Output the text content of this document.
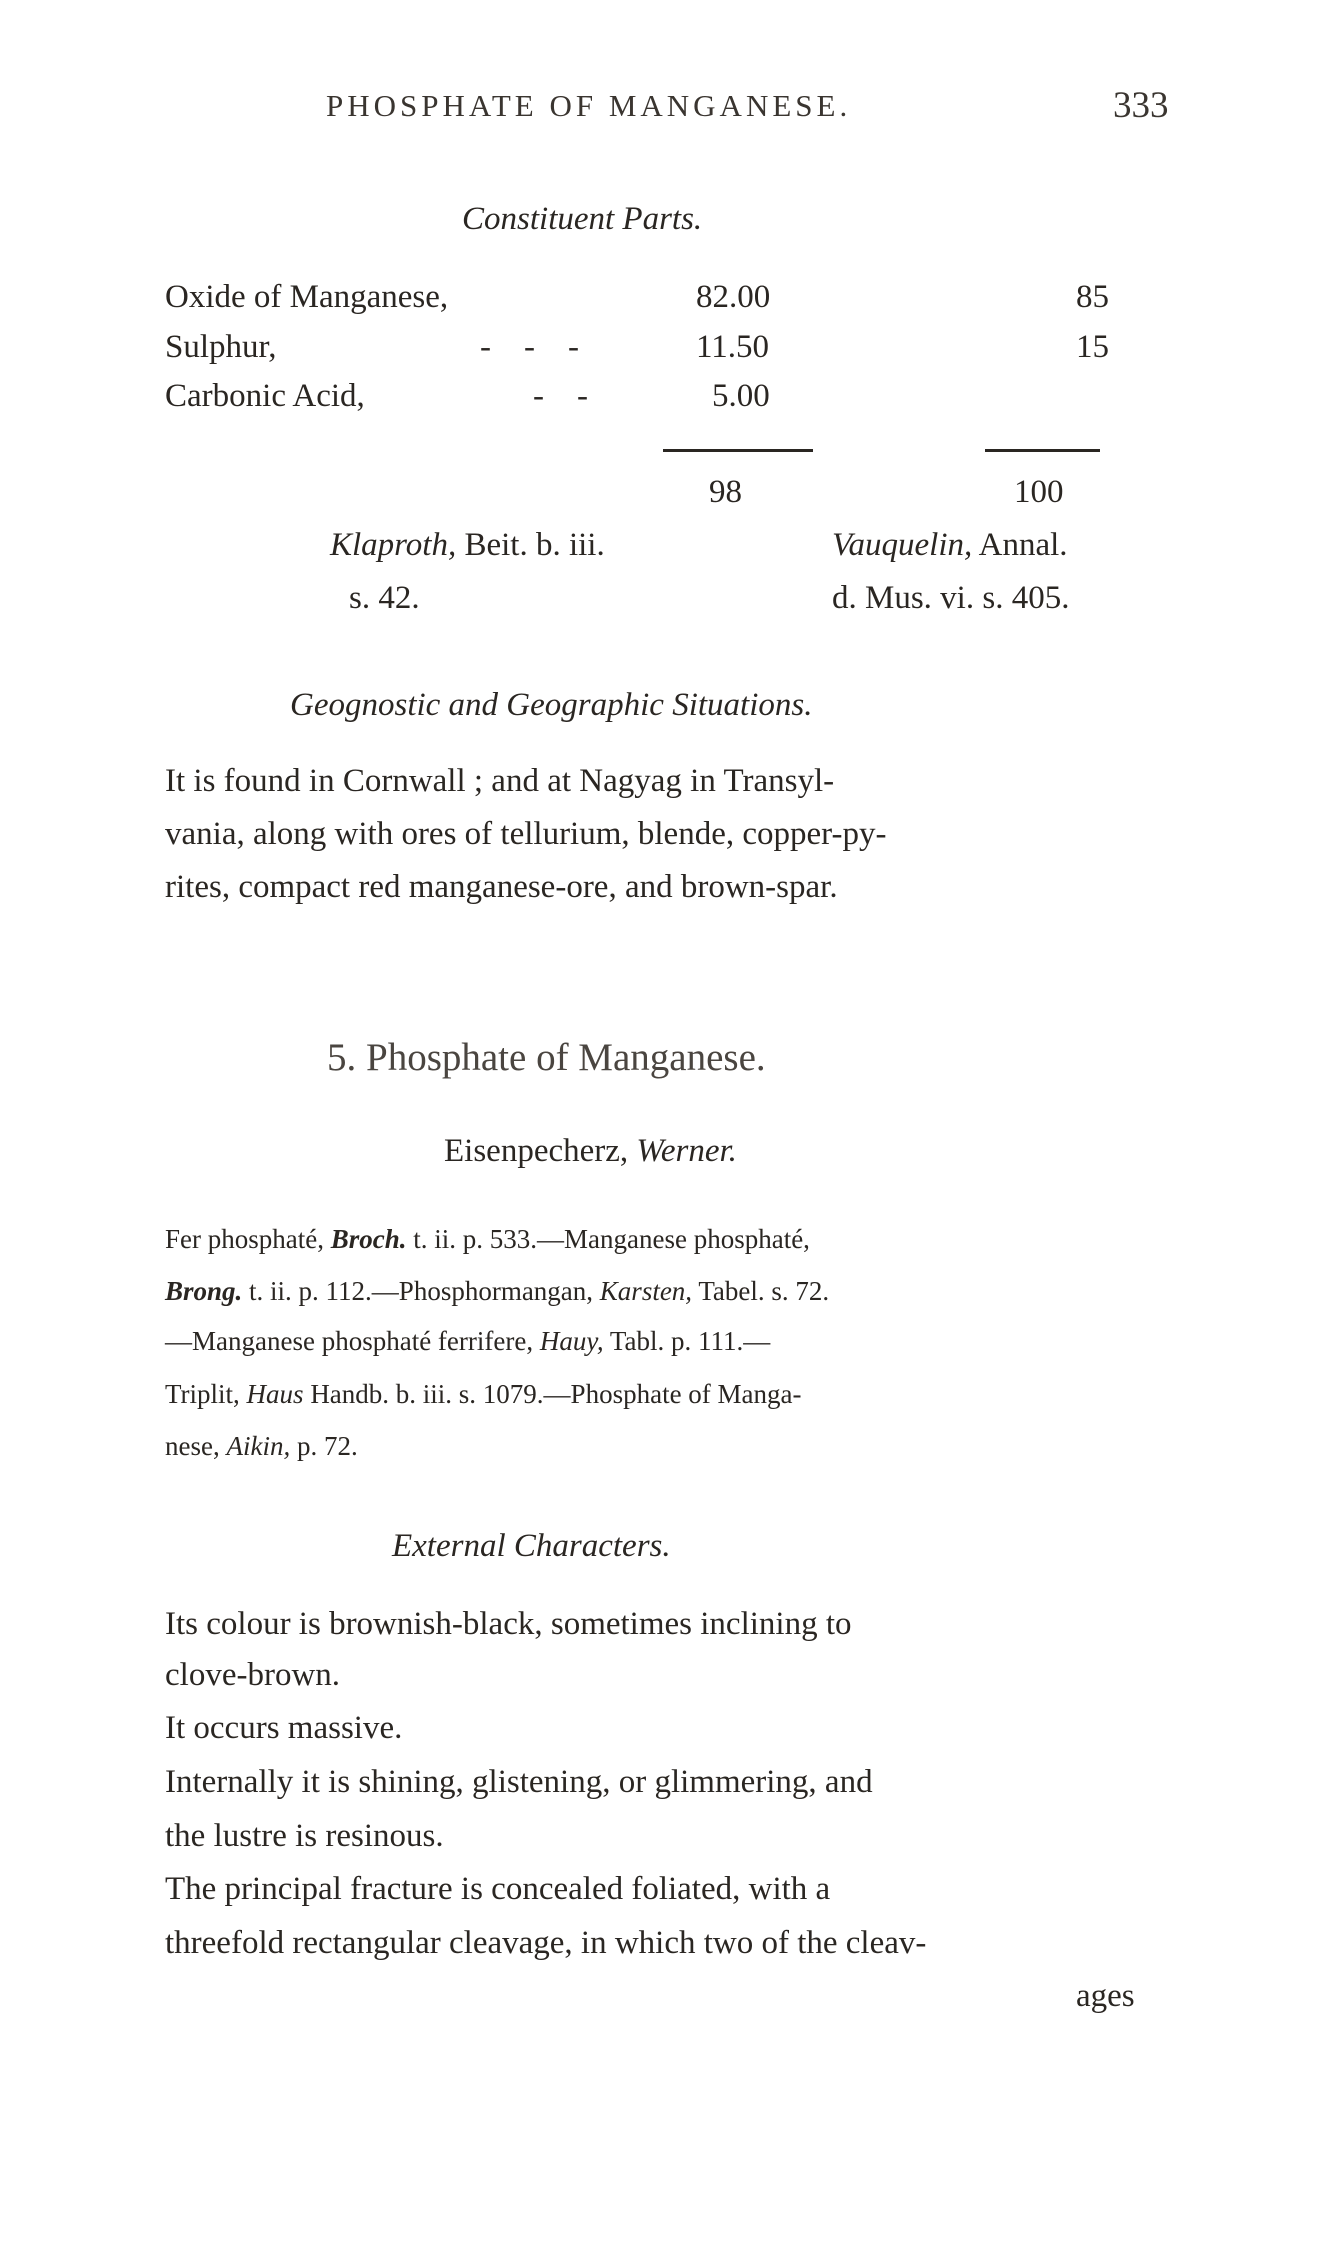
PHOSPHATE OF MANGANESE.	333
Constituent Parts.
Oxide of Manganese,	82.00	85
Sulphur,	-    -    -	11.50	15
Carbonic Acid,	-    -	5.00
98	100
Klaproth, Beit. b. iii.
s. 42.
Vauquelin, Annal.
d. Mus. vi. s. 405.
Geognostic and Geographic Situations.
It is found in Cornwall ; and at Nagyag in Transyl-
vania, along with ores of tellurium, blende, copper-py-
rites, compact red manganese-ore, and brown-spar.
5. Phosphate of Manganese.
Eisenpecherz, Werner.
Fer phosphaté, Broch. t. ii. p. 533.—Manganese phosphaté,
Brong. t. ii. p. 112.—Phosphormangan, Karsten, Tabel. s. 72.
—Manganese phosphaté ferrifere, Hauy, Tabl. p. 111.—
Triplit, Haus Handb. b. iii. s. 1079.—Phosphate of Manga-
nese, Aikin, p. 72.
External Characters.
Its colour is brownish-black, sometimes inclining to
clove-brown.
It occurs massive.
Internally it is shining, glistening, or glimmering, and
the lustre is resinous.
The principal fracture is concealed foliated, with a
threefold rectangular cleavage, in which two of the cleav-
ages
